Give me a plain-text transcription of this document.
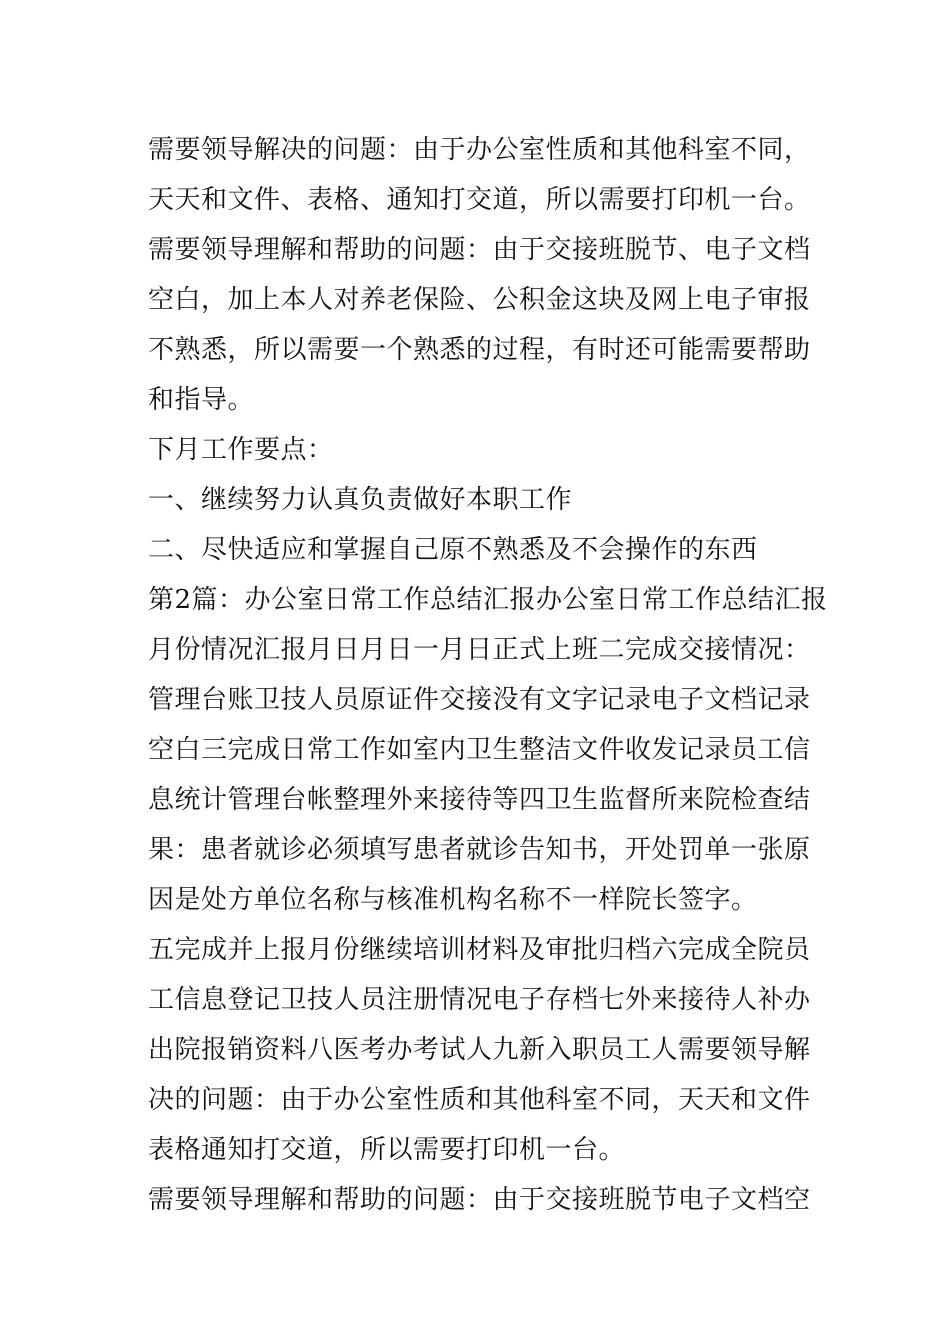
需要领导解决的问题：由于办公室性质和其他科室不同，
天天和文件、表格、通知打交道，所以需要打印机一台。
需要领导理解和帮助的问题：由于交接班脱节、电子文档
空白，加上本人对养老保险、公积金这块及网上电子审报
不熟悉，所以需要一个熟悉的过程，有时还可能需要帮助
和指导。
下月工作要点：
一、继续努力认真负责做好本职工作
二、尽快适应和掌握自己原不熟悉及不会操作的东西
第2篇：办公室日常工作总结汇报办公室日常工作总结汇报
月份情况汇报月日月日一月日正式上班二完成交接情况：
管理台账卫技人员原证件交接没有文字记录电子文档记录
空白三完成日常工作如室内卫生整洁文件收发记录员工信
息统计管理台帐整理外来接待等四卫生监督所来院检查结
果：患者就诊必须填写患者就诊告知书，开处罚单一张原
因是处方单位名称与核准机构名称不一样院长签字。
五完成并上报月份继续培训材料及审批归档六完成全院员
工信息登记卫技人员注册情况电子存档七外来接待人补办
出院报销资料八医考办考试人九新入职员工人需要领导解
决的问题：由于办公室性质和其他科室不同，天天和文件
表格通知打交道，所以需要打印机一台。
需要领导理解和帮助的问题：由于交接班脱节电子文档空
